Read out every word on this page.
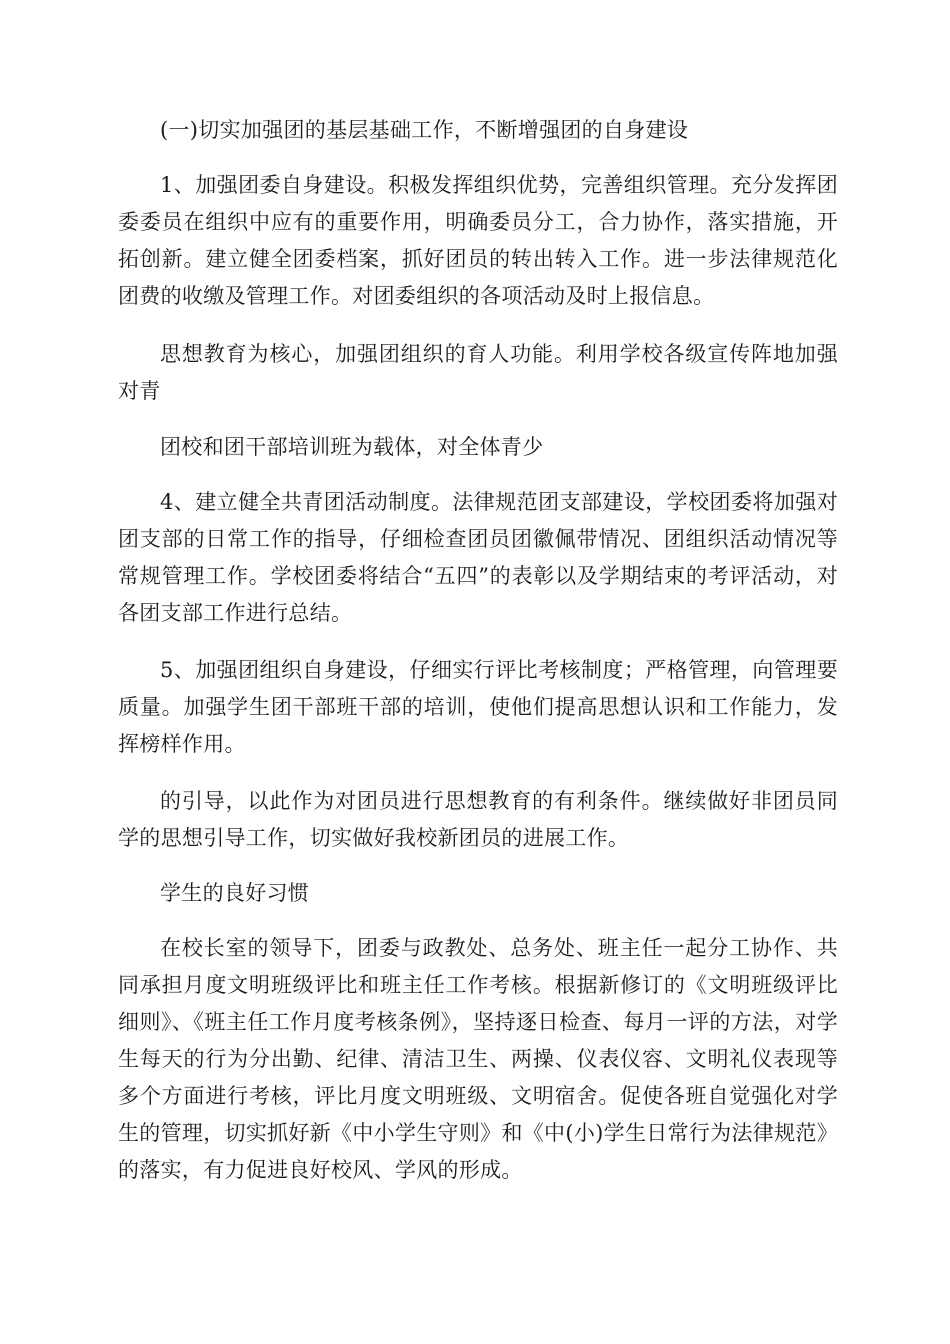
(一)切实加强团的基层基础工作，不断增强团的自身建设

1、加强团委自身建设。积极发挥组织优势，完善组织管理。充分发挥团委委员在组织中应有的重要作用，明确委员分工，合力协作，落实措施，开拓创新。建立健全团委档案，抓好团员的转出转入工作。进一步法律规范化团费的收缴及管理工作。对团委组织的各项活动及时上报信息。

思想教育为核心，加强团组织的育人功能。利用学校各级宣传阵地加强对青

团校和团干部培训班为载体，对全体青少

4、建立健全共青团活动制度。法律规范团支部建设，学校团委将加强对团支部的日常工作的指导，仔细检查团员团徽佩带情况、团组织活动情况等常规管理工作。学校团委将结合“五四”的表彰以及学期结束的考评活动，对各团支部工作进行总结。

5、加强团组织自身建设，仔细实行评比考核制度；严格管理，向管理要质量。加强学生团干部班干部的培训，使他们提高思想认识和工作能力，发挥榜样作用。

的引导，以此作为对团员进行思想教育的有利条件。继续做好非团员同学的思想引导工作，切实做好我校新团员的进展工作。

学生的良好习惯

在校长室的领导下，团委与政教处、总务处、班主任一起分工协作、共同承担月度文明班级评比和班主任工作考核。根据新修订的《文明班级评比细则》、《班主任工作月度考核条例》，坚持逐日检查、每月一评的方法，对学生每天的行为分出勤、纪律、清洁卫生、两操、仪表仪容、文明礼仪表现等多个方面进行考核，评比月度文明班级、文明宿舍。促使各班自觉强化对学生的管理，切实抓好新《中小学生守则》和《中(小)学生日常行为法律规范》的落实，有力促进良好校风、学风的形成。
